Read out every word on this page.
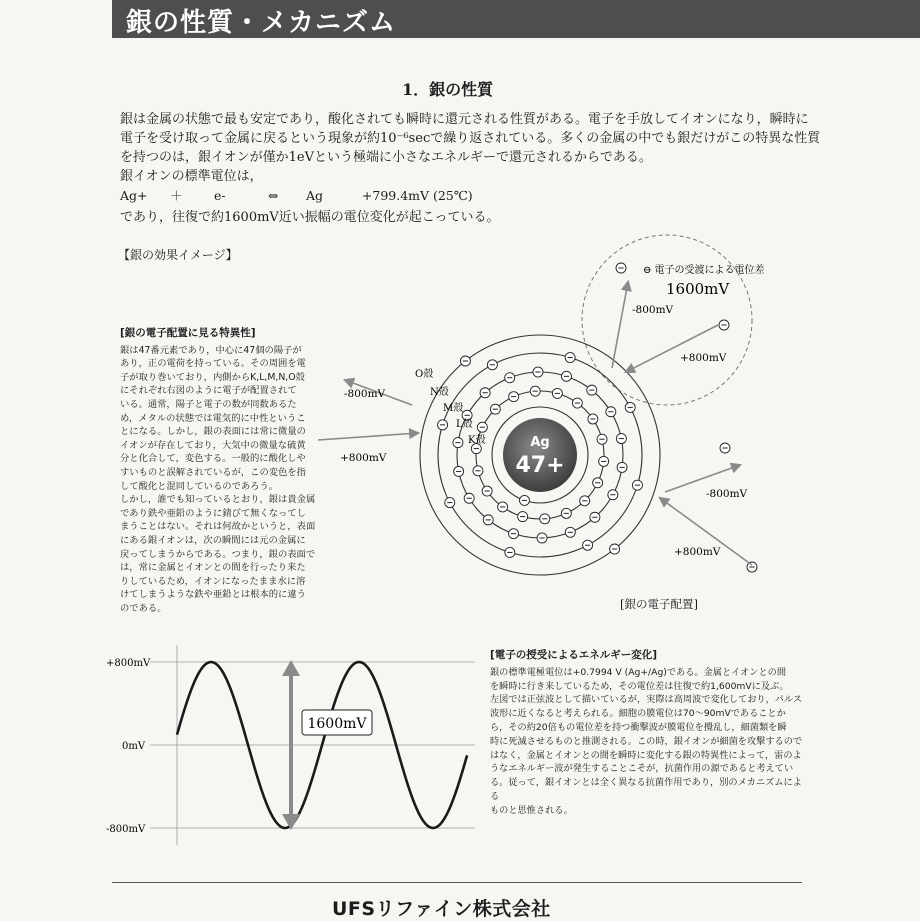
銀の性質・メカニズム
1．銀の性質

銀は金属の状態で最も安定であり，酸化されても瞬時に還元される性質がある。電子を手放してイオンになり，瞬時に

電子を受け取って金属に戻るという現象が約10⁻⁶secで繰り返されている。多くの金属の中でも銀だけがこの特異な性質

を持つのは，銀イオンが僅か1eVという極端に小さなエネルギーで還元されるからである。

銀イオンの標準電位は，

Ag+ ＋	e-	⇔ Ag	+799.4mV (25℃)
であり，往復で約1600mV近い振幅の電位変化が起こっている。
【銀の効果イメージ】
[銀の電子配置に見る特異性]

銀は47番元素であり，中心に47個の陽子が

あり，正の電荷を持っている。その周囲を電

子が取り巻いており，内側からK,L,M,N,O殻

にそれぞれ右図のように電子が配置されて

いる。通常，陽子と電子の数が同数あるた

め，メタルの状態では電気的に中性というこ

とになる。しかし，銀の表面には常に微量の

イオンが存在しており，大気中の微量な硫黄

分と化合して，変色する。一般的に酸化しや

すいものと誤解されているが，この変色を指

して酸化と混同しているのであろう。

しかし，誰でも知っているとおり，銀は貴金属

であり鉄や亜鉛のように錆びて無くなってし

まうことはない。それは何故かというと，表面

にある銀イオンは，次の瞬間には元の金属に

戻ってしまうからである。つまり，銀の表面で

は，常に金属とイオンとの間を行ったり来た

りしているため，イオンになったまま水に溶

けてしまうような鉄や亜鉛とは根本的に違う

のである。

⊖ 電子の受渡による電位差
1600mV
Ag
47+
O殻
N殻
M殻
L殻
K殻
-800mV
+800mV
-800mV
+800mV
-800mV
+800mV
+800mV
0mV
-800mV
1600mV
[銀の電子配置]
[電子の授受によるエネルギー変化]

銀の標準電極電位は+0.7994 V (Ag+/Ag)である。金属とイオンとの間

を瞬時に行き来しているため，その電位差は往復で約1,600mVに及ぶ。

左図では正弦波として描いているが，実際は高周波で変化しており，パルス

波形に近くなると考えられる。細胞の膜電位は70～90mVであることか

ら，その約20倍もの電位差を持つ衝撃波が膜電位を攪乱し，細菌類を瞬

時に死滅させるものと推測される。この時，銀イオンが細菌を攻撃するので

はなく，金属とイオンとの間を瞬時に変化する銀の特異性によって，雷のよ

うなエネルギー波が発生することこそが，抗菌作用の源であると考えてい

る。従って，銀イオンとは全く異なる抗菌作用であり，別のメカニズムによる

ものと思惟される。

UFSリファイン株式会社
